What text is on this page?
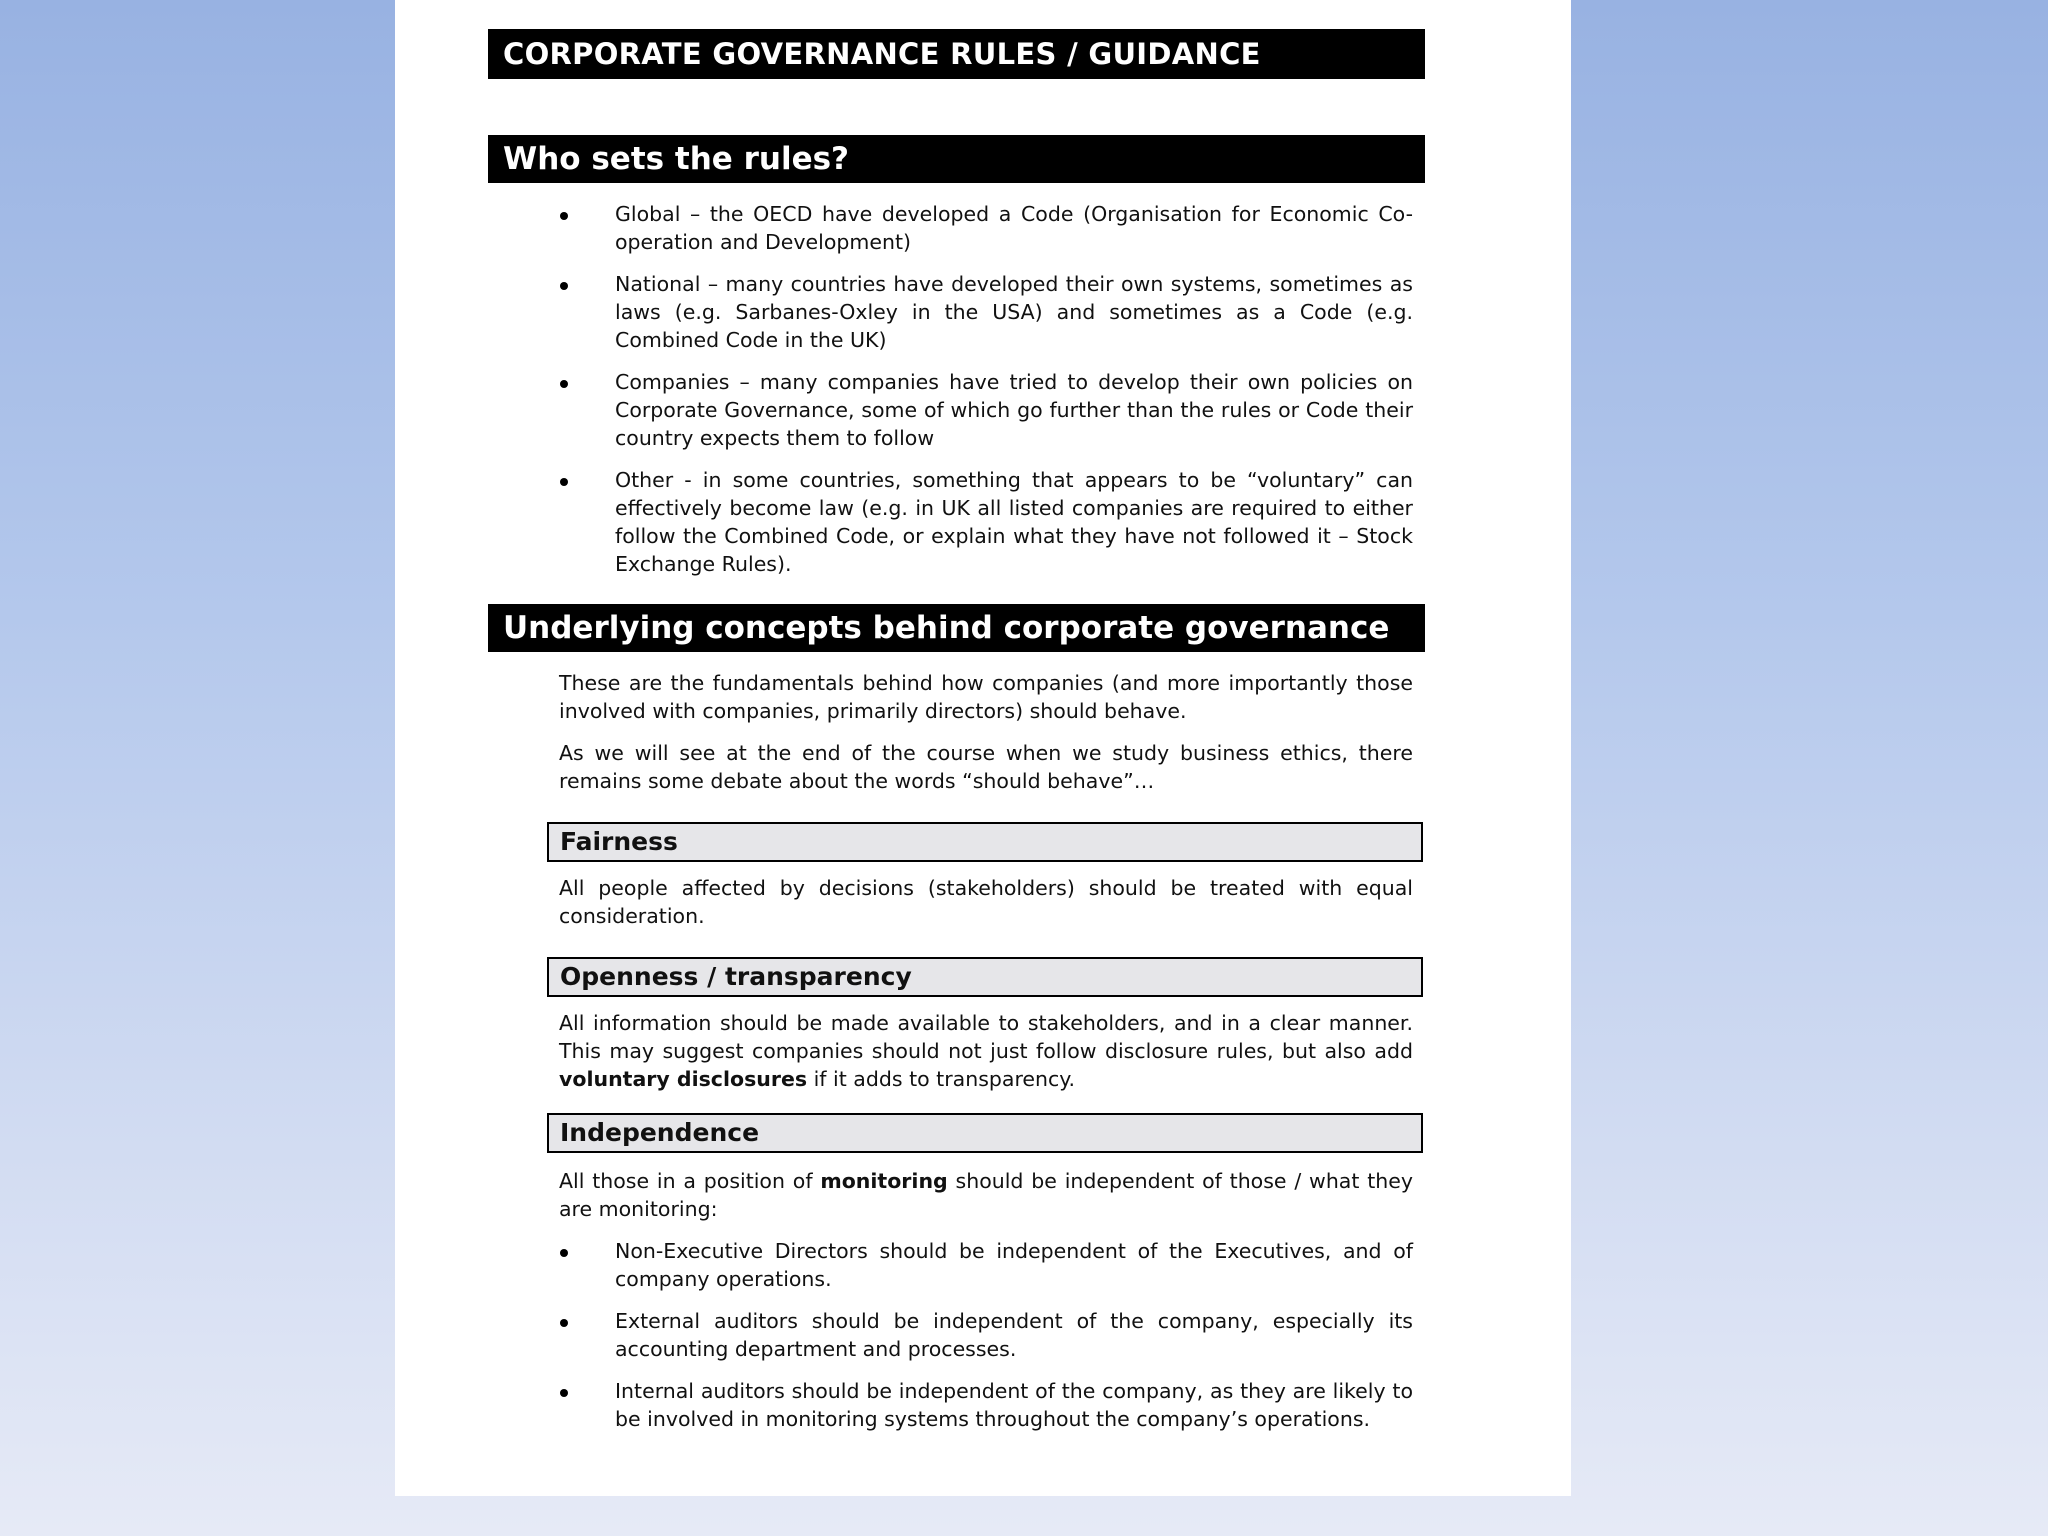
CORPORATE GOVERNANCE RULES / GUIDANCE
Who sets the rules?
Global – the OECD have developed a Code (Organisation for Economic Co-operation and Development)
National – many countries have developed their own systems, sometimes as laws (e.g. Sarbanes-Oxley in the USA) and sometimes as a Code (e.g. Combined Code in the UK)
Companies – many companies have tried to develop their own policies on Corporate Governance, some of which go further than the rules or Code their country expects them to follow
Other - in some countries, something that appears to be “voluntary” can effectively become law (e.g. in UK all listed companies are required to either follow the Combined Code, or explain what they have not followed it – Stock Exchange Rules).
Underlying concepts behind corporate governance
These are the fundamentals behind how companies (and more importantly those involved with companies, primarily directors) should behave.
As we will see at the end of the course when we study business ethics, there remains some debate about the words “should behave”…
Fairness
All people affected by decisions (stakeholders) should be treated with equal consideration.
Openness / transparency
All information should be made available to stakeholders, and in a clear manner. This may suggest companies should not just follow disclosure rules, but also add voluntary disclosures if it adds to transparency.
Independence
All those in a position of monitoring should be independent of those / what they are monitoring:
Non-Executive Directors should be independent of the Executives, and of company operations.
External auditors should be independent of the company, especially its accounting department and processes.
Internal auditors should be independent of the company, as they are likely to be involved in monitoring systems throughout the company’s operations.
